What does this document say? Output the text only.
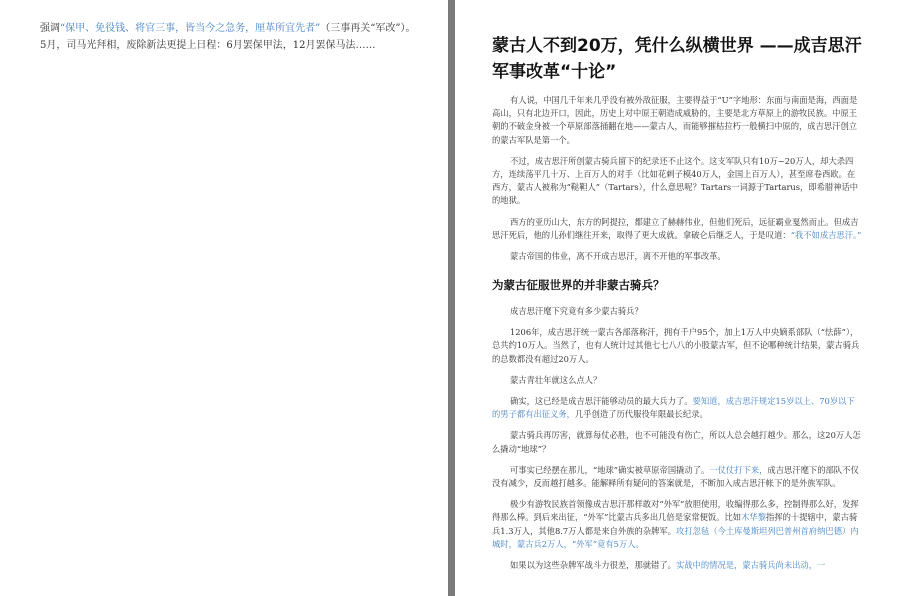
强调“保甲、免役钱、将官三事，皆当今之急务，厘革所宜先者”（三事再关“军改”）。5月，司马光拜相，废除新法更提上日程：6月罢保甲法，12月罢保马法……	蒙古人不到20万，凭什么纵横世界 ——成吉思汗军事改革“十论”

有人说，中国几千年来几乎没有被外敌征服，主要得益于“U”字地形：东面与南面是海，西面是高山，只有北边开口，因此，历史上对中原王朝造成威胁的，主要是北方草原上的游牧民族。中原王朝的不破金身被一个草原部落捅翻在地——蒙古人，而能够摧枯拉朽一般横扫中原的，成吉思汗创立的蒙古军队是第一个。

不过，成吉思汗所创蒙古骑兵留下的纪录还不止这个。这支军队只有10万~20万人，却大杀四方，连续荡平几十万、上百万人的对手（比如花剌子模40万人，金国上百万人），甚至席卷西欧。在西方，蒙古人被称为“鞑靼人”（Tartars），什么意思呢？Tartars一词源于Tartarus，即希腊神话中的地狱。

西方的亚历山大，东方的阿提拉，都建立了赫赫伟业，但他们死后，远征霸业戛然而止。但成吉思汗死后，他的儿孙们继往开来，取得了更大成就。拿破仑后继乏人，于是叹道：“我不如成吉思汗。”

蒙古帝国的伟业，离不开成吉思汗，离不开他的军事改革。

为蒙古征服世界的并非蒙古骑兵？

成吉思汗麾下究竟有多少蒙古骑兵？

1206年，成吉思汗统一蒙古各部落称汗，拥有千户95个，加上1万人中央嫡系部队（“怯薛”），总共约10万人。当然了，也有人统计过其他七七八八的小股蒙古军，但不论哪种统计结果，蒙古骑兵的总数都没有超过20万人。

蒙古青壮年就这么点人？

确实，这已经是成吉思汗能够动员的最大兵力了。要知道，成吉思汗规定15岁以上、70岁以下的男子都有出征义务，几乎创造了历代服役年限最长纪录。

蒙古骑兵再厉害，就算每仗必胜，也不可能没有伤亡，所以人总会越打越少。那么，这20万人怎么撬动“地球”？

可事实已经摆在那儿，“地球”确实被草原帝国撬动了。一仗仗打下来，成吉思汗麾下的部队不仅没有减少，反而越打越多。能解释所有疑问的答案就是，不断加入成吉思汗帐下的是外族军队。

极少有游牧民族首领像成吉思汗那样敢对“外军”放胆使用，收编得那么多，控制得那么好，发挥得那么棒。到后来出征，“外军”比蒙古兵多出几倍是家常便饭。比如木华黎指挥的十提辖中，蒙古骑兵1.3万人，其他8.7万人都是来自外族的杂牌军。攻打忽毡（今土库曼斯坦列巴普州首府纳巴德）内城时，蒙古兵2万人，“外军”竟有5万人。

如果以为这些杂牌军战斗力很差，那就错了。实战中的情况是，蒙古骑兵尚未出动，一
